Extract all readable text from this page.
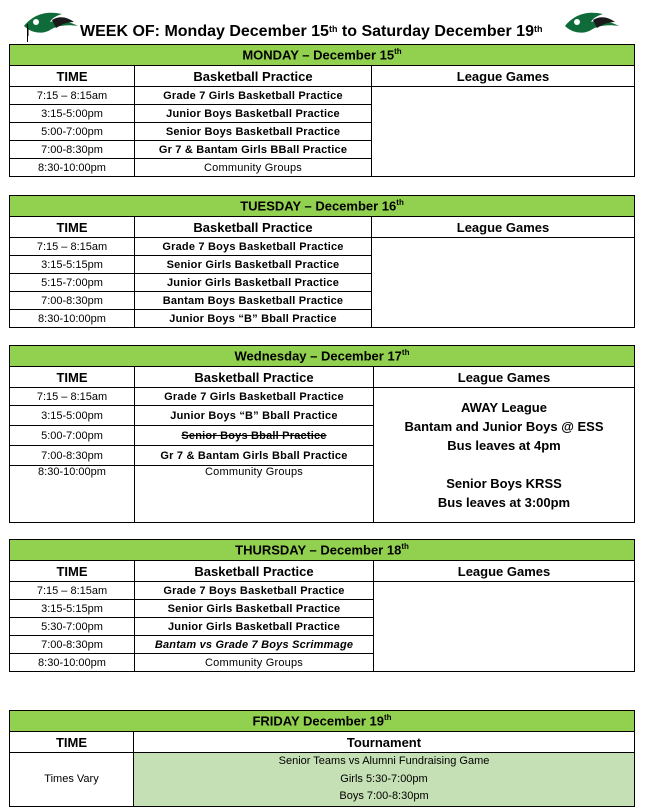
WEEK OF: Monday December 15th to Saturday December 19th
MONDAY – December 15th
TIME	Basketball Practice	League Games
7:15 – 8:15am	Grade 7 Girls Basketball Practice	
3:15-5:00pm	Junior Boys Basketball Practice	
5:00-7:00pm	Senior Boys Basketball Practice	
7:00-8:30pm	Gr 7 & Bantam Girls BBall Practice	
8:30-10:00pm	Community Groups	
TUESDAY – December 16th
TIME	Basketball Practice	League Games
7:15 – 8:15am	Grade 7 Boys Basketball Practice	
3:15-5:15pm	Senior Girls Basketball Practice	
5:15-7:00pm	Junior Girls Basketball Practice	
7:00-8:30pm	Bantam Boys Basketball Practice	
8:30-10:00pm	Junior Boys “B” Bball Practice	
Wednesday – December 17th
TIME	Basketball Practice	League Games
7:15 – 8:15am	Grade 7 Girls Basketball Practice	AWAY League
Bantam and Junior Boys @ ESS
Bus leaves at 4pm
Senior Boys KRSS
Bus leaves at 3:00pm

3:15-5:00pm	Junior Boys “B” Bball Practice	
5:00-7:00pm	Senior Boys Bball Practice	
7:00-8:30pm	Gr 7 & Bantam Girls Bball Practice	
8:30-10:00pm	Community Groups	
THURSDAY – December 18th
TIME	Basketball Practice	League Games
7:15 – 8:15am	Grade 7 Boys Basketball Practice	
3:15-5:15pm	Senior Girls Basketball Practice	
5:30-7:00pm	Junior Girls Basketball Practice	
7:00-8:30pm	Bantam vs Grade 7 Boys Scrimmage	
8:30-10:00pm	Community Groups	
FRIDAY December 19th
TIME	Tournament
Times Vary	Senior Teams vs Alumni Fundraising Game
Girls 5:30-7:00pm
Boys 7:00-8:30pm
